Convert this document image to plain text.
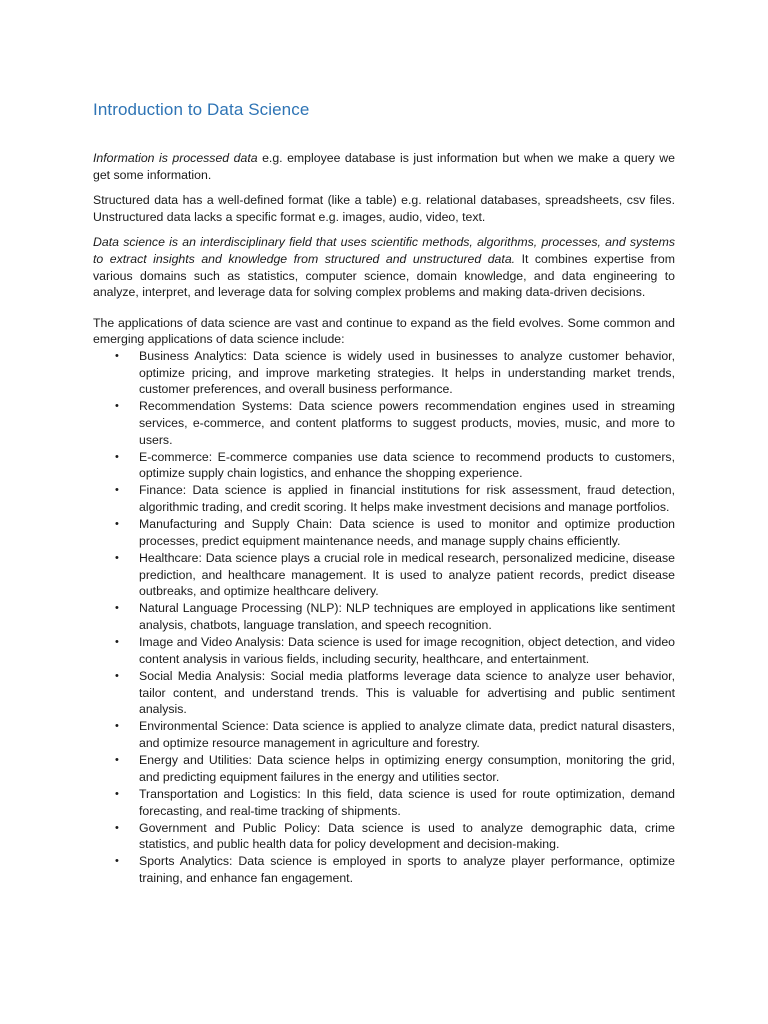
Introduction to Data Science

Information is processed data e.g. employee database is just information but when we make a query we get some information.

Structured data has a well-defined format (like a table) e.g. relational databases, spreadsheets, csv files. Unstructured data lacks a specific format e.g. images, audio, video, text.

Data science is an interdisciplinary field that uses scientific methods, algorithms, processes, and systems to extract insights and knowledge from structured and unstructured data. It combines expertise from various domains such as statistics, computer science, domain knowledge, and data engineering to analyze, interpret, and leverage data for solving complex problems and making data-driven decisions.

The applications of data science are vast and continue to expand as the field evolves. Some common and emerging applications of data science include:

• Business Analytics: Data science is widely used in businesses to analyze customer behavior, optimize pricing, and improve marketing strategies. It helps in understanding market trends, customer preferences, and overall business performance.
• Recommendation Systems: Data science powers recommendation engines used in streaming services, e-commerce, and content platforms to suggest products, movies, music, and more to users.
• E-commerce: E-commerce companies use data science to recommend products to customers, optimize supply chain logistics, and enhance the shopping experience.
• Finance: Data science is applied in financial institutions for risk assessment, fraud detection, algorithmic trading, and credit scoring. It helps make investment decisions and manage portfolios.
• Manufacturing and Supply Chain: Data science is used to monitor and optimize production processes, predict equipment maintenance needs, and manage supply chains efficiently.
• Healthcare: Data science plays a crucial role in medical research, personalized medicine, disease prediction, and healthcare management. It is used to analyze patient records, predict disease outbreaks, and optimize healthcare delivery.
• Natural Language Processing (NLP): NLP techniques are employed in applications like sentiment analysis, chatbots, language translation, and speech recognition.
• Image and Video Analysis: Data science is used for image recognition, object detection, and video content analysis in various fields, including security, healthcare, and entertainment.
• Social Media Analysis: Social media platforms leverage data science to analyze user behavior, tailor content, and understand trends. This is valuable for advertising and public sentiment analysis.
• Environmental Science: Data science is applied to analyze climate data, predict natural disasters, and optimize resource management in agriculture and forestry.
• Energy and Utilities: Data science helps in optimizing energy consumption, monitoring the grid, and predicting equipment failures in the energy and utilities sector.
• Transportation and Logistics: In this field, data science is used for route optimization, demand forecasting, and real-time tracking of shipments.
• Government and Public Policy: Data science is used to analyze demographic data, crime statistics, and public health data for policy development and decision-making.
• Sports Analytics: Data science is employed in sports to analyze player performance, optimize training, and enhance fan engagement.
